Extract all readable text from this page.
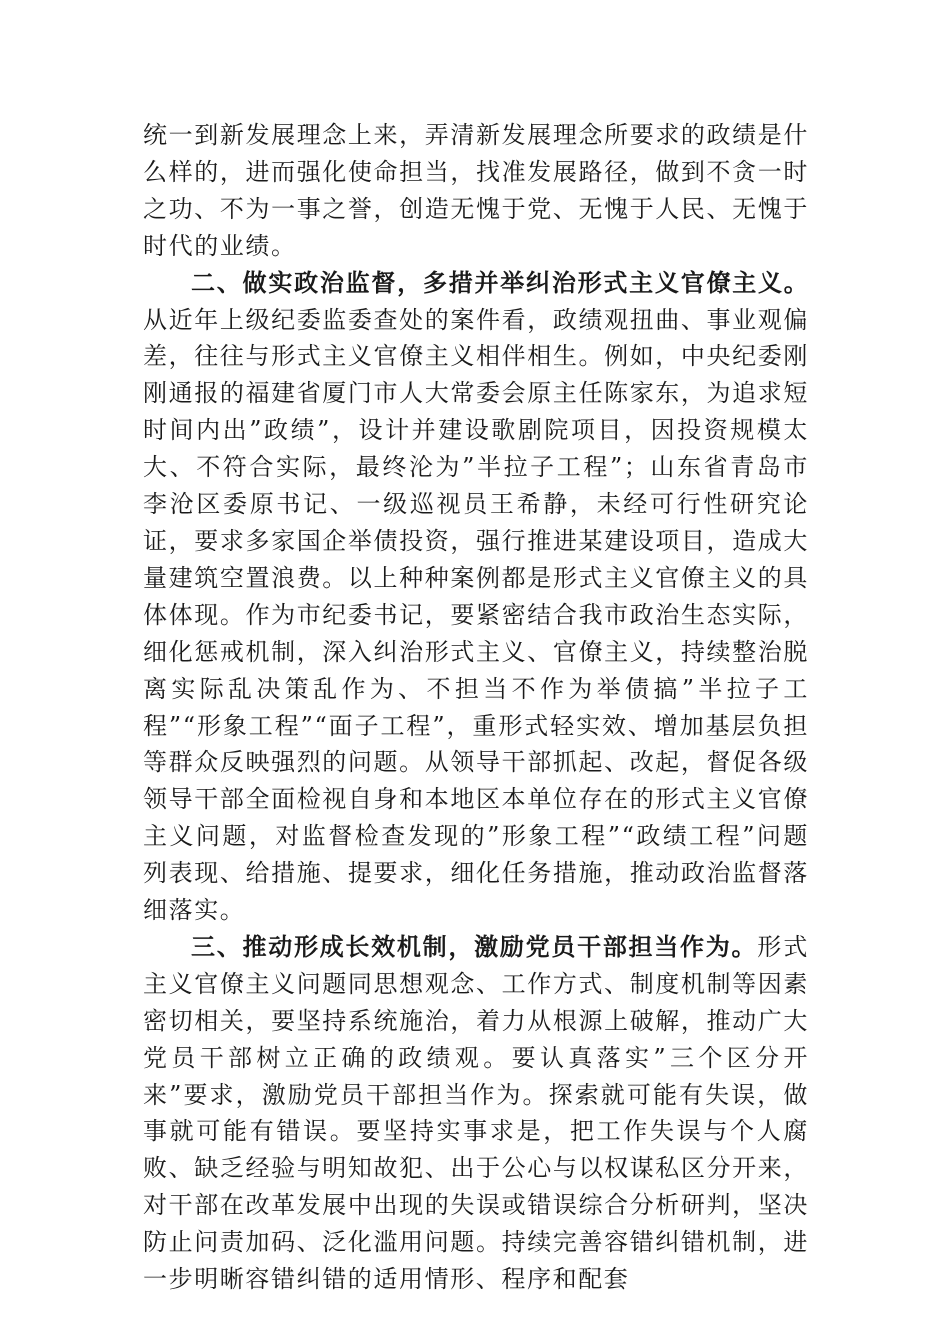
统一到新发展理念上来，弄清新发展理念所要求的政绩是什么样的，进而强化使命担当，找准发展路径，做到不贪一时之功、不为一事之誉，创造无愧于党、无愧于人民、无愧于时代的业绩。

二、做实政治监督，多措并举纠治形式主义官僚主义。从近年上级纪委监委查处的案件看，政绩观扭曲、事业观偏差，往往与形式主义官僚主义相伴相生。例如，中央纪委刚刚通报的福建省厦门市人大常委会原主任陈家东，为追求短时间内出”政绩”，设计并建设歌剧院项目，因投资规模太大、不符合实际，最终沦为”半拉子工程”；山东省青岛市李沧区委原书记、一级巡视员王希静，未经可行性研究论证，要求多家国企举债投资，强行推进某建设项目，造成大量建筑空置浪费。以上种种案例都是形式主义官僚主义的具体体现。作为市纪委书记，要紧密结合我市政治生态实际，细化惩戒机制，深入纠治形式主义、官僚主义，持续整治脱离实际乱决策乱作为、不担当不作为举债搞”半拉子工程”“形象工程”“面子工程”，重形式轻实效、增加基层负担等群众反映强烈的问题。从领导干部抓起、改起，督促各级领导干部全面检视自身和本地区本单位存在的形式主义官僚主义问题，对监督检查发现的”形象工程”“政绩工程”问题列表现、给措施、提要求，细化任务措施，推动政治监督落细落实。

三、推动形成长效机制，激励党员干部担当作为。形式主义官僚主义问题同思想观念、工作方式、制度机制等因素密切相关，要坚持系统施治，着力从根源上破解，推动广大党员干部树立正确的政绩观。要认真落实”三个区分开来”要求，激励党员干部担当作为。探索就可能有失误，做事就可能有错误。要坚持实事求是，把工作失误与个人腐败、缺乏经验与明知故犯、出于公心与以权谋私区分开来，对干部在改革发展中出现的失误或错误综合分析研判，坚决防止问责加码、泛化滥用问题。持续完善容错纠错机制，进一步明晰容错纠错的适用情形、程序和配套
